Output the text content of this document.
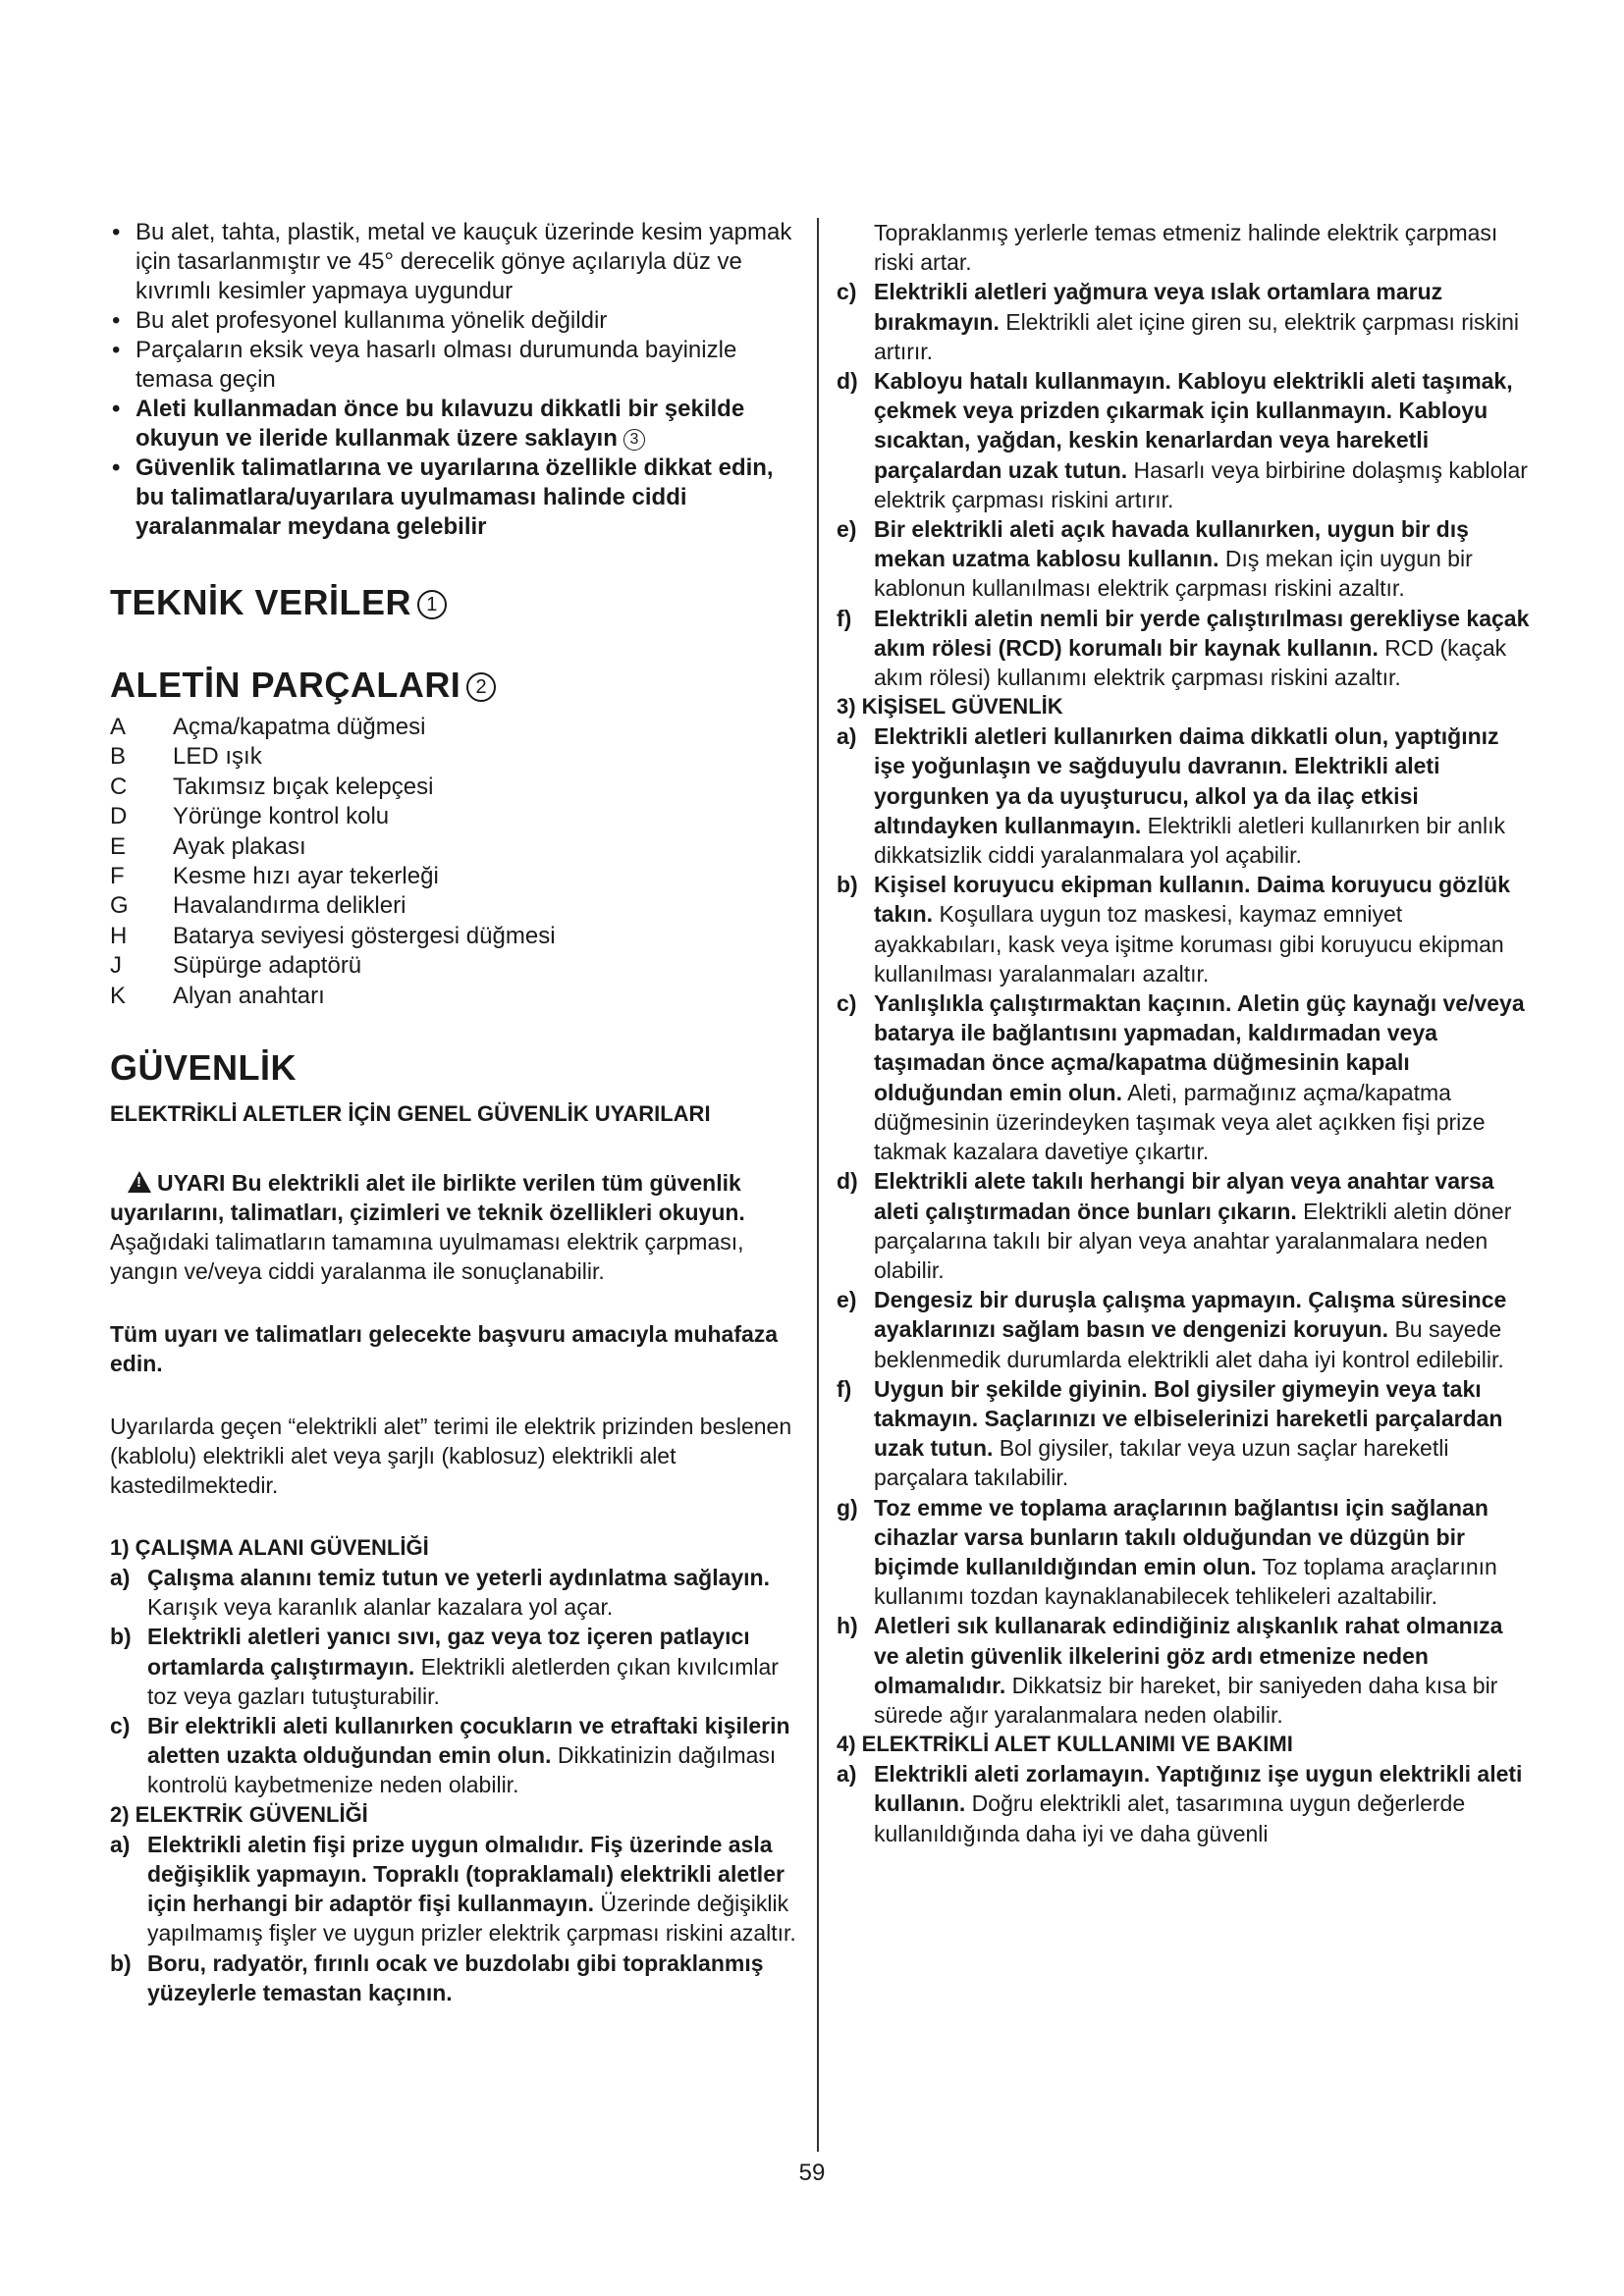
• Bu alet, tahta, plastik, metal ve kauçuk üzerinde kesim yapmak için tasarlanmıştır ve 45° derecelik gönye açılarıyla düz ve kıvrımlı kesimler yapmaya uygundur
• Bu alet profesyonel kullanıma yönelik değildir
• Parçaların eksik veya hasarlı olması durumunda bayinizle temasa geçin
• Aleti kullanmadan önce bu kılavuzu dikkatli bir şekilde okuyun ve ileride kullanmak üzere saklayın 3
• Güvenlik talimatlarına ve uyarılarına özellikle dikkat edin, bu talimatlara/uyarılara uyulmaması halinde ciddi yaralanmalar meydana gelebilir
TEKNİK VERİLER 1
ALETİN PARÇALARI 2
A	Açma/kapatma düğmesi
B	LED ışık
C	Takımsız bıçak kelepçesi
D	Yörünge kontrol kolu
E	Ayak plakası
F	Kesme hızı ayar tekerleği
G	Havalandırma delikleri
H	Batarya seviyesi göstergesi düğmesi
J	Süpürge adaptörü
K	Alyan anahtarı
GÜVENLİK
ELEKTRİKLİ ALETLER İÇİN GENEL GÜVENLİK UYARILARI

!UYARI Bu elektrikli alet ile birlikte verilen tüm güvenlik uyarılarını, talimatları, çizimleri ve teknik özellikleri okuyun. Aşağıdaki talimatların tamamına uyulmaması elektrik çarpması, yangın ve/veya ciddi yaralanma ile sonuçlanabilir.

Tüm uyarı ve talimatları gelecekte başvuru amacıyla muhafaza edin.

Uyarılarda geçen “elektrikli alet” terimi ile elektrik prizinden beslenen (kablolu) elektrikli alet veya şarjlı (kablosuz) elektrikli alet kastedilmektedir.

1) ÇALIŞMA ALANI GÜVENLİĞİ

a) Çalışma alanını temiz tutun ve yeterli aydınlatma sağlayın. Karışık veya karanlık alanlar kazalara yol açar.
b) Elektrikli aletleri yanıcı sıvı, gaz veya toz içeren patlayıcı ortamlarda çalıştırmayın. Elektrikli aletlerden çıkan kıvılcımlar toz veya gazları tutuşturabilir.
c) Bir elektrikli aleti kullanırken çocukların ve etraftaki kişilerin aletten uzakta olduğundan emin olun. Dikkatinizin dağılması kontrolü kaybetmenize neden olabilir.

2) ELEKTRİK GÜVENLİĞİ

a) Elektrikli aletin fişi prize uygun olmalıdır. Fiş üzerinde asla değişiklik yapmayın. Topraklı (topraklamalı) elektrikli aletler için herhangi bir adaptör fişi kullanmayın. Üzerinde değişiklik yapılmamış fişler ve uygun prizler elektrik çarpması riskini azaltır.
b) Boru, radyatör, fırınlı ocak ve buzdolabı gibi topraklanmış yüzeylerle temastan kaçının.
Topraklanmış yerlerle temas etmeniz halinde elektrik çarpması riski artar.
c) Elektrikli aletleri yağmura veya ıslak ortamlara maruz bırakmayın. Elektrikli alet içine giren su, elektrik çarpması riskini artırır.
d) Kabloyu hatalı kullanmayın. Kabloyu elektrikli aleti taşımak, çekmek veya prizden çıkarmak için kullanmayın. Kabloyu sıcaktan, yağdan, keskin kenarlardan veya hareketli parçalardan uzak tutun. Hasarlı veya birbirine dolaşmış kablolar elektrik çarpması riskini artırır.
e) Bir elektrikli aleti açık havada kullanırken, uygun bir dış mekan uzatma kablosu kullanın. Dış mekan için uygun bir kablonun kullanılması elektrik çarpması riskini azaltır.
f) Elektrikli aletin nemli bir yerde çalıştırılması gerekliyse kaçak akım rölesi (RCD) korumalı bir kaynak kullanın. RCD (kaçak akım rölesi) kullanımı elektrik çarpması riskini azaltır.

3) KİŞİSEL GÜVENLİK

a) Elektrikli aletleri kullanırken daima dikkatli olun, yaptığınız işe yoğunlaşın ve sağduyulu davranın. Elektrikli aleti yorgunken ya da uyuşturucu, alkol ya da ilaç etkisi altındayken kullanmayın. Elektrikli aletleri kullanırken bir anlık dikkatsizlik ciddi yaralanmalara yol açabilir.
b) Kişisel koruyucu ekipman kullanın. Daima koruyucu gözlük takın. Koşullara uygun toz maskesi, kaymaz emniyet ayakkabıları, kask veya işitme koruması gibi koruyucu ekipman kullanılması yaralanmaları azaltır.
c) Yanlışlıkla çalıştırmaktan kaçının. Aletin güç kaynağı ve/veya batarya ile bağlantısını yapmadan, kaldırmadan veya taşımadan önce açma/kapatma düğmesinin kapalı olduğundan emin olun. Aleti, parmağınız açma/kapatma düğmesinin üzerindeyken taşımak veya alet açıkken fişi prize takmak kazalara davetiye çıkartır.
d) Elektrikli alete takılı herhangi bir alyan veya anahtar varsa aleti çalıştırmadan önce bunları çıkarın. Elektrikli aletin döner parçalarına takılı bir alyan veya anahtar yaralanmalara neden olabilir.
e) Dengesiz bir duruşla çalışma yapmayın. Çalışma süresince ayaklarınızı sağlam basın ve dengenizi koruyun. Bu sayede beklenmedik durumlarda elektrikli alet daha iyi kontrol edilebilir.
f) Uygun bir şekilde giyinin. Bol giysiler giymeyin veya takı takmayın. Saçlarınızı ve elbiselerinizi hareketli parçalardan uzak tutun. Bol giysiler, takılar veya uzun saçlar hareketli parçalara takılabilir.
g) Toz emme ve toplama araçlarının bağlantısı için sağlanan cihazlar varsa bunların takılı olduğundan ve düzgün bir biçimde kullanıldığından emin olun. Toz toplama araçlarının kullanımı tozdan kaynaklanabilecek tehlikeleri azaltabilir.
h) Aletleri sık kullanarak edindiğiniz alışkanlık rahat olmanıza ve aletin güvenlik ilkelerini göz ardı etmenize neden olmamalıdır. Dikkatsiz bir hareket, bir saniyeden daha kısa bir sürede ağır yaralanmalara neden olabilir.

4) ELEKTRİKLİ ALET KULLANIMI VE BAKIMI

a) Elektrikli aleti zorlamayın. Yaptığınız işe uygun elektrikli aleti kullanın. Doğru elektrikli alet, tasarımına uygun değerlerde kullanıldığında daha iyi ve daha güvenli
59
